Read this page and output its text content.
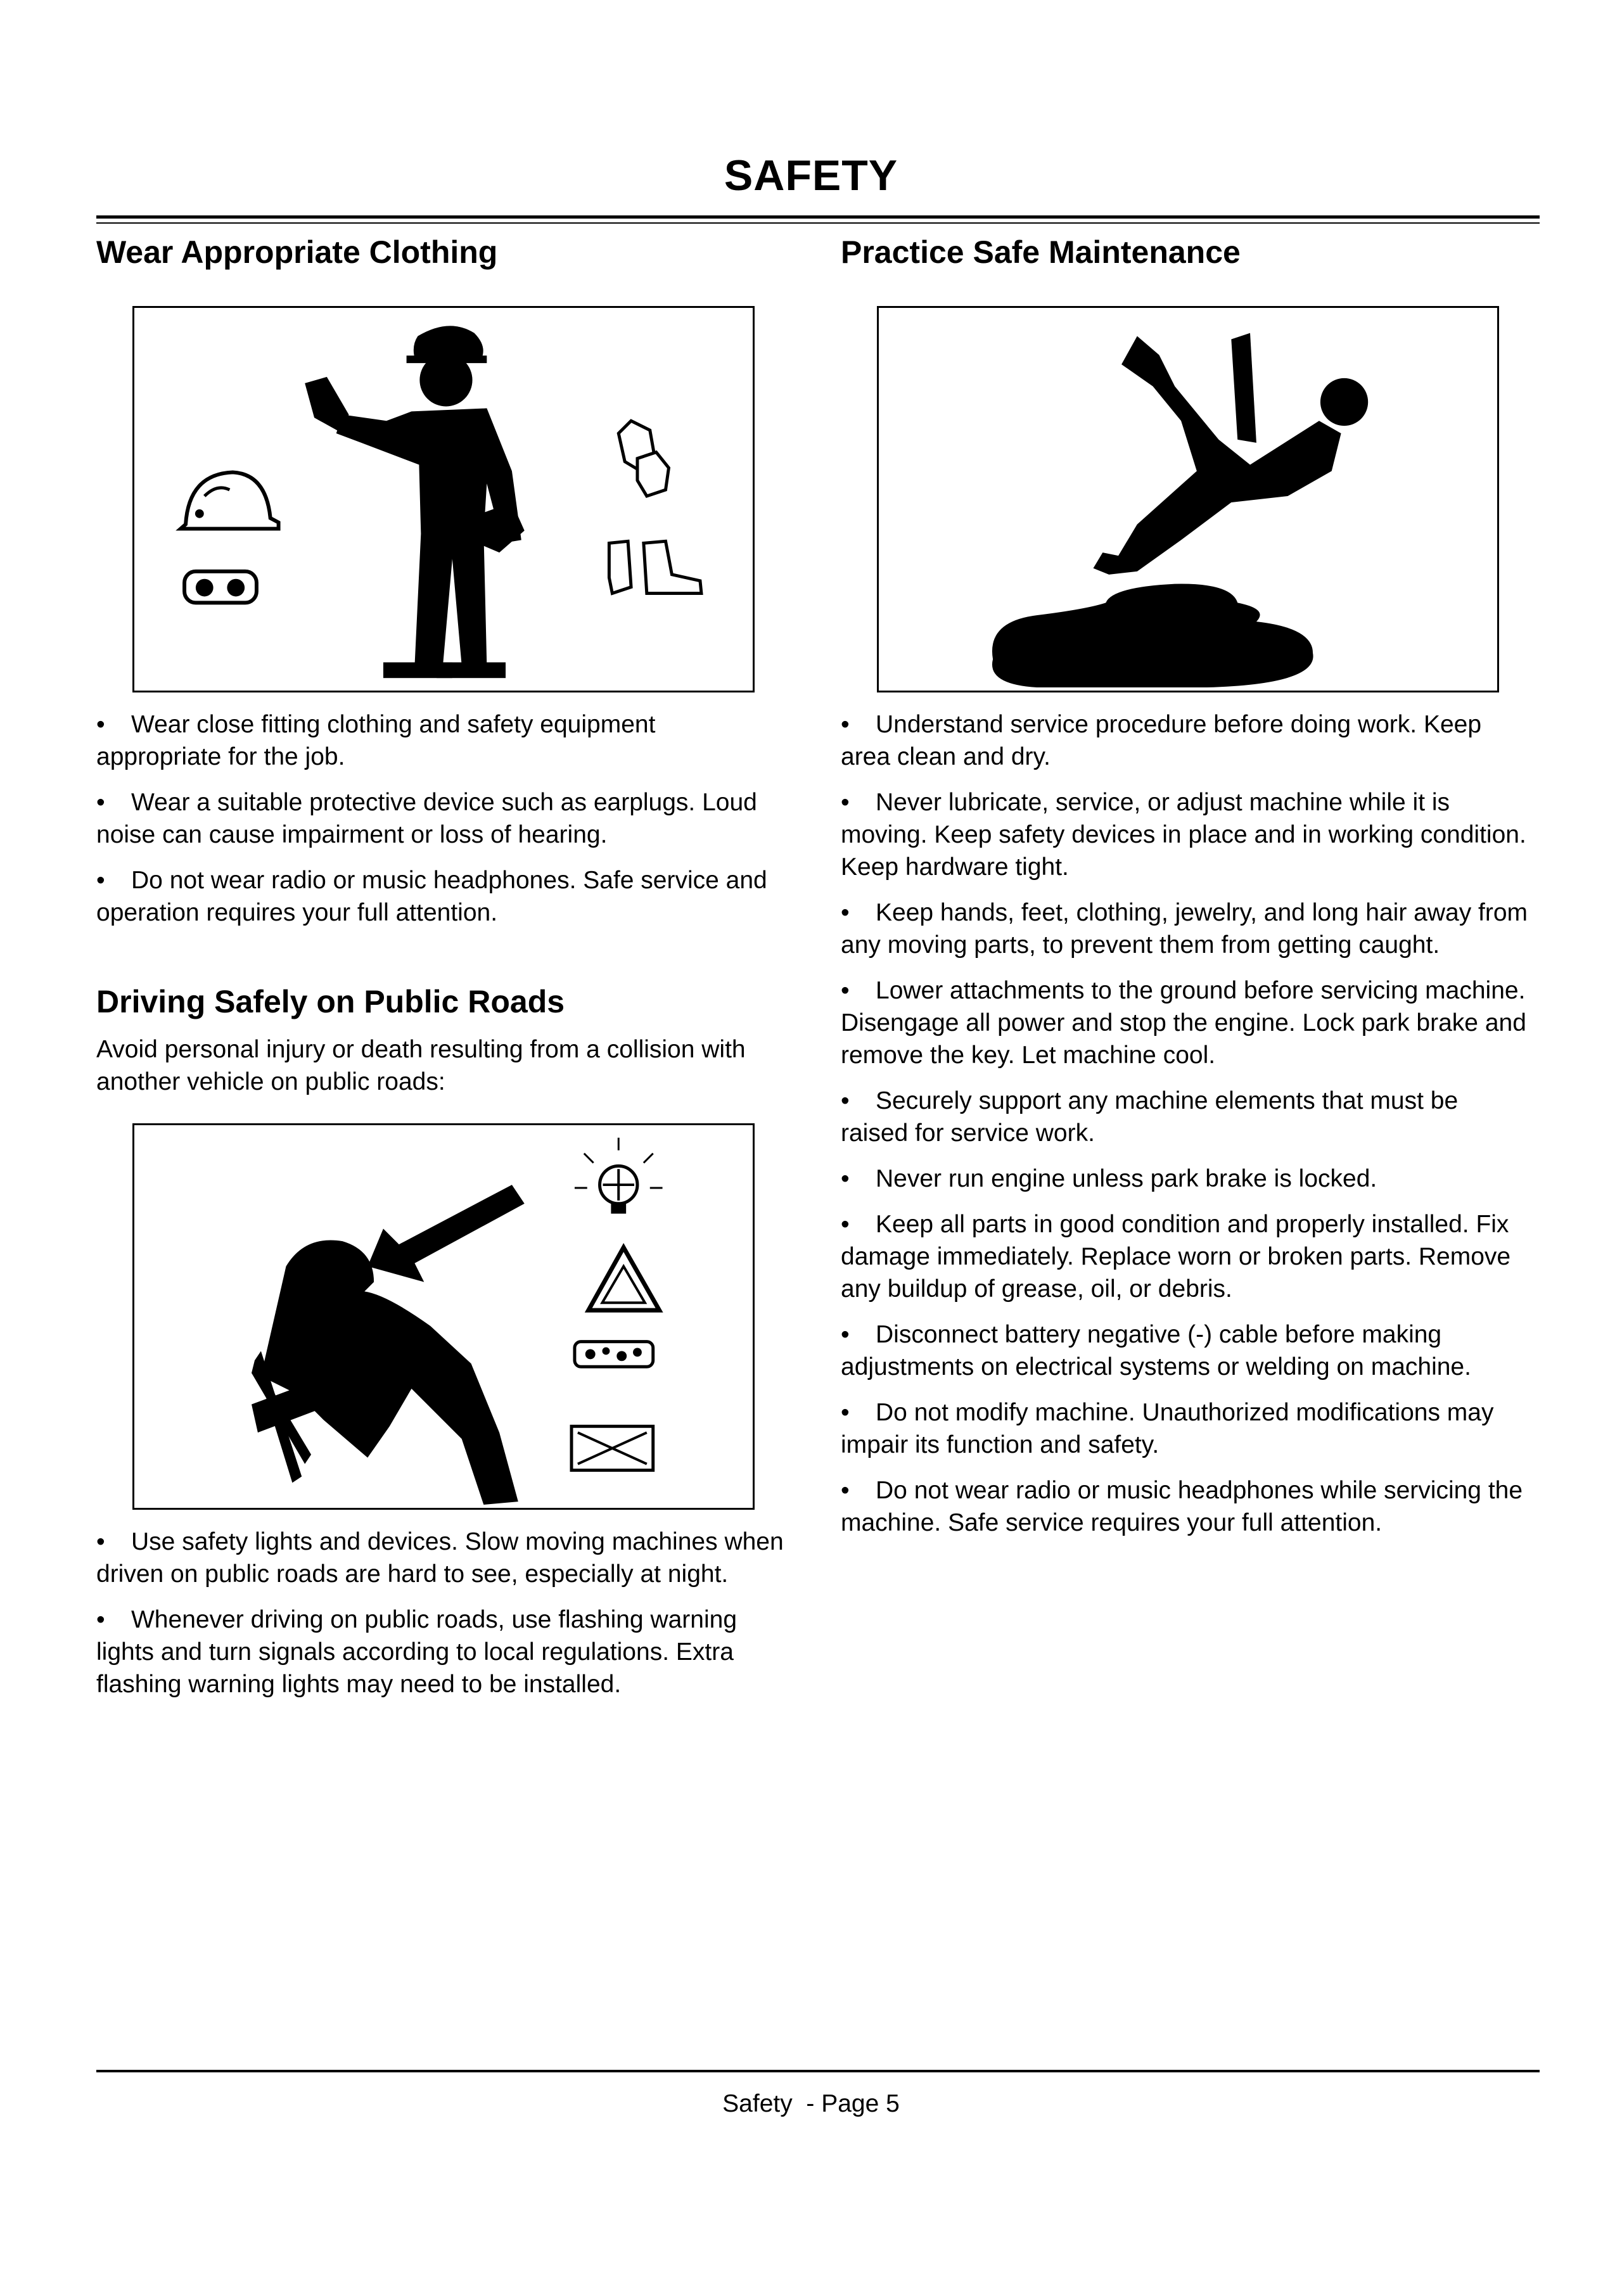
SAFETY
Wear Appropriate Clothing
• Wear close fitting clothing and safety equipment appropriate for the job.
• Wear a suitable protective device such as earplugs. Loud noise can cause impairment or loss of hearing.
• Do not wear radio or music headphones. Safe service and operation requires your full attention.
Driving Safely on Public Roads

Avoid personal injury or death resulting from a collision with another vehicle on public roads:

• Use safety lights and devices. Slow moving machines when driven on public roads are hard to see, especially at night.
• Whenever driving on public roads, use flashing warning lights and turn signals according to local regulations. Extra flashing warning lights may need to be installed.
Practice Safe Maintenance
• Understand service procedure before doing work. Keep area clean and dry.
• Never lubricate, service, or adjust machine while it is moving. Keep safety devices in place and in working condition. Keep hardware tight.
• Keep hands, feet, clothing, jewelry, and long hair away from any moving parts, to prevent them from getting caught.
• Lower attachments to the ground before servicing machine. Disengage all power and stop the engine. Lock park brake and remove the key. Let machine cool.
• Securely support any machine elements that must be raised for service work.
• Never run engine unless park brake is locked.
• Keep all parts in good condition and properly installed. Fix damage immediately. Replace worn or broken parts. Remove any buildup of grease, oil, or debris.
• Disconnect battery negative (-) cable before making adjustments on electrical systems or welding on machine.
• Do not modify machine. Unauthorized modifications may impair its function and safety.
• Do not wear radio or music headphones while servicing the machine. Safe service requires your full attention.
Safety  - Page 5
